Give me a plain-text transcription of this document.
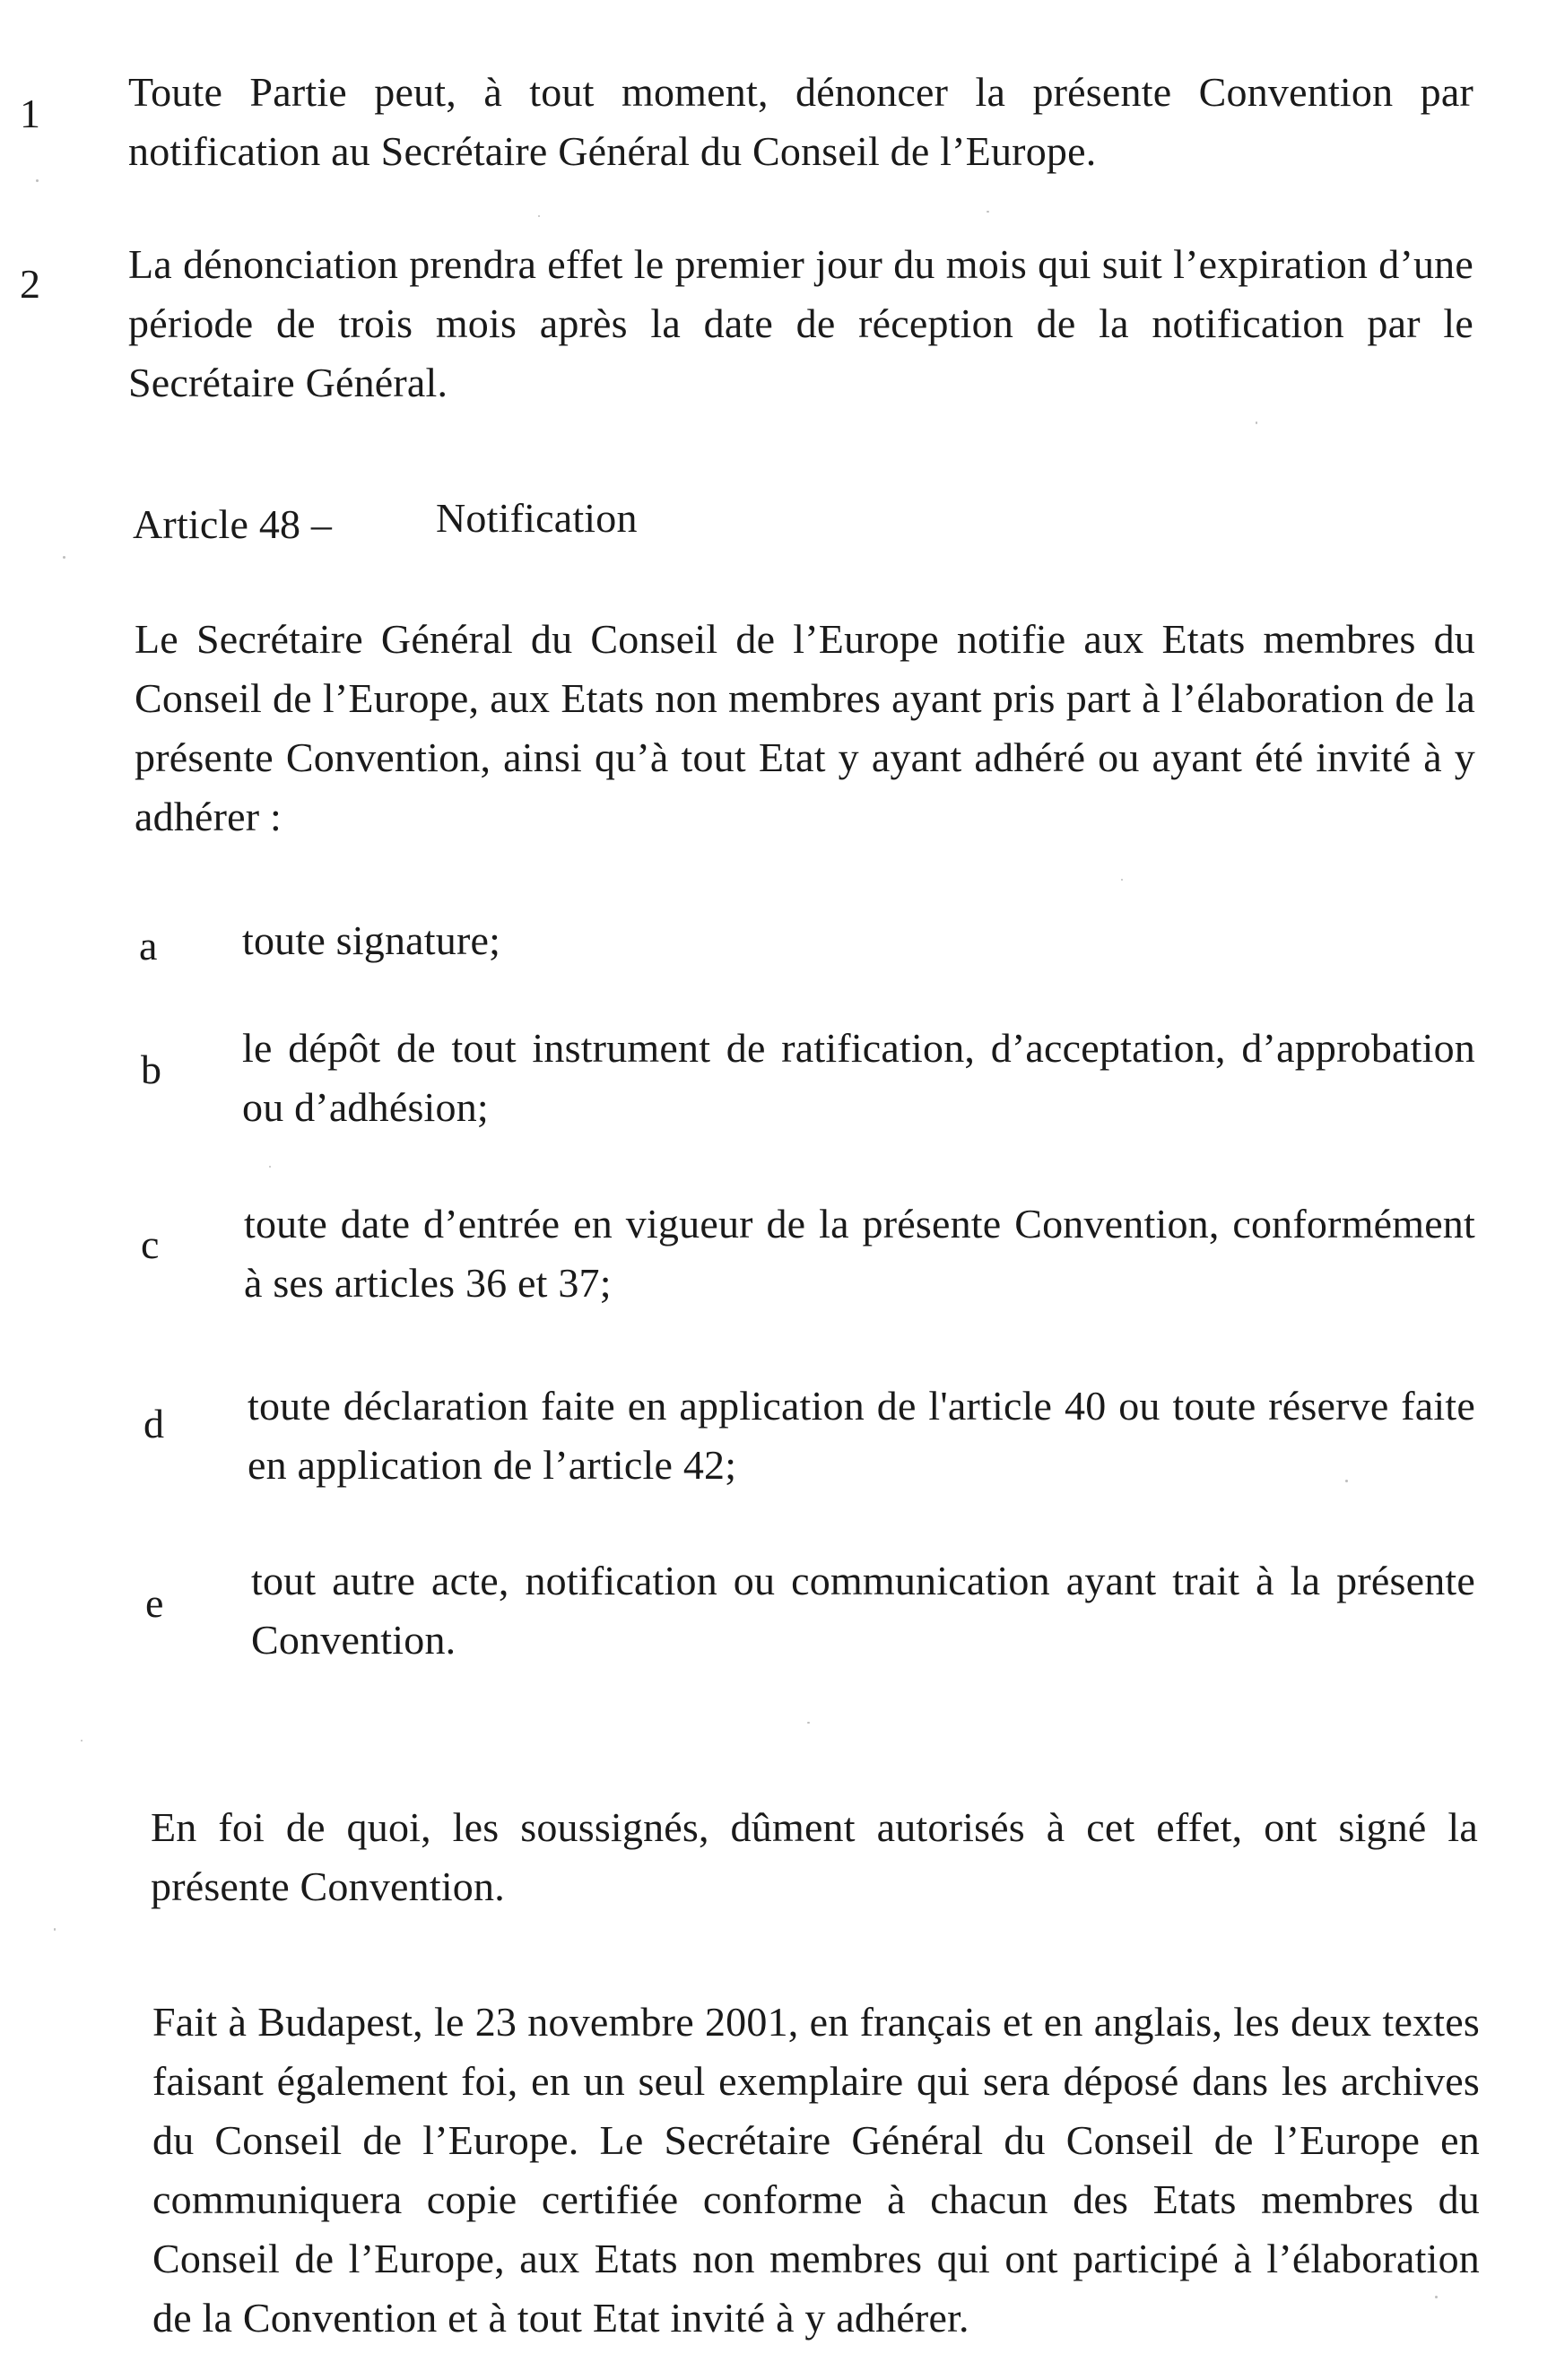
1 Toute Partie peut, à tout moment, dénoncer la présente Convention par notification au Secrétaire Général du Conseil de l’Europe.
2 La dénonciation prendra effet le premier jour du mois qui suit l’expiration d’une période de trois mois après la date de réception de la notification par le Secrétaire Général.
Article 48 –	Notification
Le Secrétaire Général du Conseil de l’Europe notifie aux Etats membres du Conseil de l’Europe, aux Etats non membres ayant pris part à l’élaboration de la présente Convention, ainsi qu’à tout Etat y ayant adhéré ou ayant été invité à y adhérer :
a toute signature;
b le dépôt de tout instrument de ratification, d’acceptation, d’approbation ou d’adhésion;
c toute date d’entrée en vigueur de la présente Convention, conformément à ses articles 36 et 37;
d toute déclaration faite en application de l'article 40 ou toute réserve faite en application de l’article 42;
e tout autre acte, notification ou communication ayant trait à la présente Convention.
En foi de quoi, les soussignés, dûment autorisés à cet effet, ont signé la présente Convention.
Fait à Budapest, le 23 novembre 2001, en français et en anglais, les deux textes faisant également foi, en un seul exemplaire qui sera déposé dans les archives du Conseil de l’Europe. Le Secrétaire Général du Conseil de l’Europe en communiquera copie certifiée conforme à chacun des Etats membres du Conseil de l’Europe, aux Etats non membres qui ont participé à l’élaboration de la Convention et à tout Etat invité à y adhérer.
